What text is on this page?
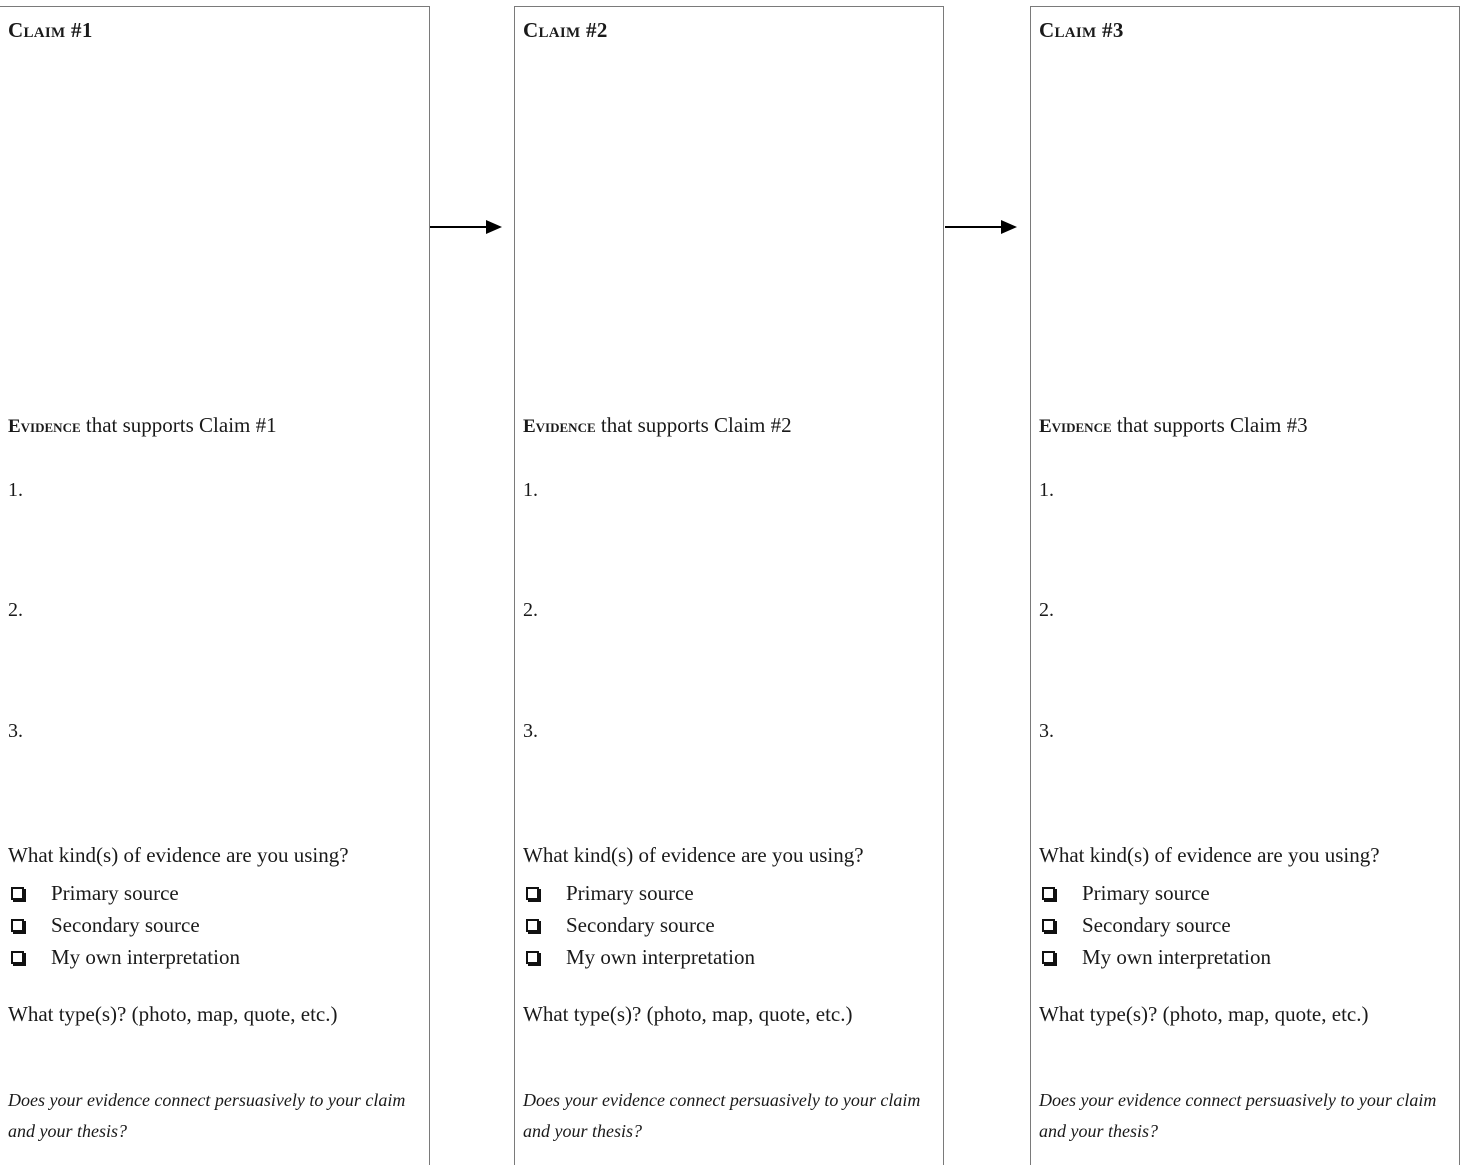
Claim #1

Evidence that supports Claim #1

1.

2.

3.

What kind(s) of evidence are you using?

Primary source
Secondary source
My own interpretation

What type(s)? (photo, map, quote, etc.)

Does your evidence connect persuasively to your claim and your thesis?

Claim #2

Evidence that supports Claim #2

1.

2.

3.

What kind(s) of evidence are you using?

Primary source
Secondary source
My own interpretation

What type(s)? (photo, map, quote, etc.)

Does your evidence connect persuasively to your claim and your thesis?

Claim #3

Evidence that supports Claim #3

1.

2.

3.

What kind(s) of evidence are you using?

Primary source
Secondary source
My own interpretation

What type(s)? (photo, map, quote, etc.)

Does your evidence connect persuasively to your claim and your thesis?
